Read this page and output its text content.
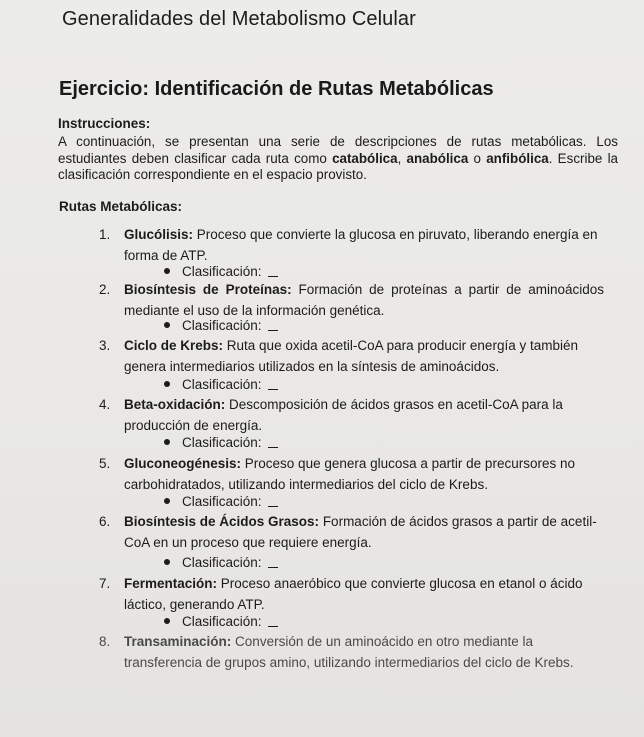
Generalidades del Metabolismo Celular
Ejercicio: Identificación de Rutas Metabólicas
Instrucciones:
A continuación, se presentan una serie de descripciones de rutas metabólicas. Los estudiantes deben clasificar cada ruta como catabólica, anabólica o anfibólica. Escribe la clasificación correspondiente en el espacio provisto.
Rutas Metabólicas:
1.	Glucólisis: Proceso que convierte la glucosa en piruvato, liberando energía en forma de ATP.
Clasificación:
2.	Biosíntesis de Proteínas: Formación de proteínas a partir de aminoácidos mediante el uso de la información genética.
Clasificación:
3.	Ciclo de Krebs: Ruta que oxida acetil-CoA para producir energía y también genera intermediarios utilizados en la síntesis de aminoácidos.
Clasificación:
4.	Beta-oxidación: Descomposición de ácidos grasos en acetil-CoA para la producción de energía.
Clasificación:
5.	Gluconeogénesis: Proceso que genera glucosa a partir de precursores no carbohidratados, utilizando intermediarios del ciclo de Krebs.
Clasificación:
6.	Biosíntesis de Ácidos Grasos: Formación de ácidos grasos a partir de acetil-CoA en un proceso que requiere energía.
Clasificación:
7.	Fermentación: Proceso anaeróbico que convierte glucosa en etanol o ácido láctico, generando ATP.
Clasificación:
8.	Transaminación: Conversión de un aminoácido en otro mediante la transferencia de grupos amino, utilizando intermediarios del ciclo de Krebs.
